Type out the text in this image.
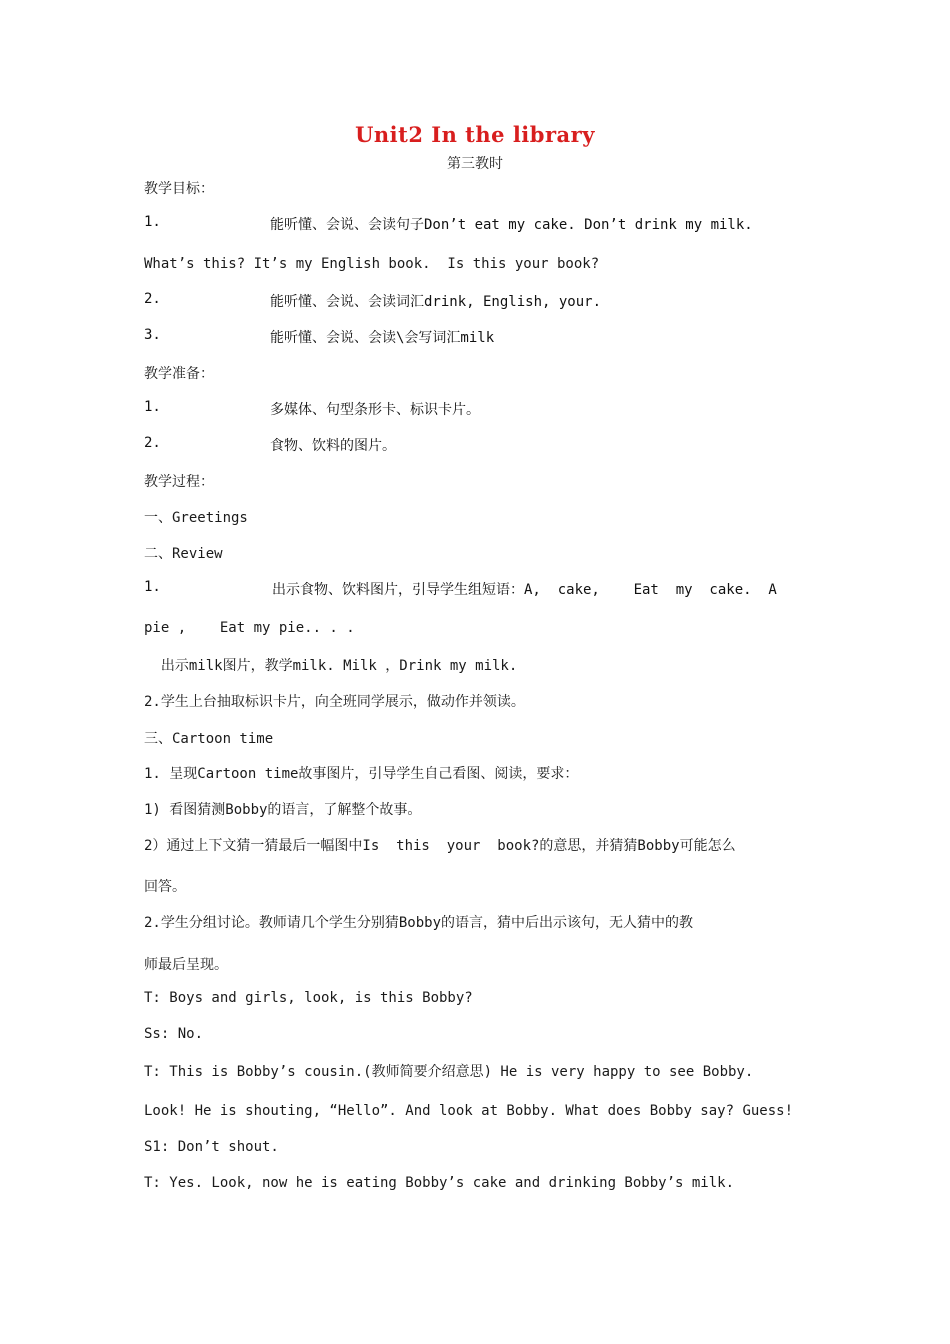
Unit2 In the library
第三教时
教学目标：
1.	能听懂、会说、会读句子Don’t eat my cake. Don’t drink my milk.
What’s this? It’s my English book.  Is this your book?
2.	能听懂、会说、会读词汇drink, English, your.
3.	能听懂、会说、会读\会写词汇milk
教学准备：
1.	多媒体、句型条形卡、标识卡片。
2.	食物、饮料的图片。
教学过程：
一、Greetings
二、Review
1.	出示食物、饮料图片，引导学生组短语：A,  cake,    Eat  my  cake.  A
pie ,    Eat my pie.. . .
出示milk图片，教学milk. Milk ，Drink my milk.
2.学生上台抽取标识卡片，向全班同学展示，做动作并领读。
三、Cartoon time
1. 呈现Cartoon time故事图片，引导学生自己看图、阅读，要求：
1) 看图猜测Bobby的语言，了解整个故事。
2）通过上下文猜一猜最后一幅图中Is  this  your  book?的意思，并猜猜Bobby可能怎么
回答。
2.学生分组讨论。教师请几个学生分别猜Bobby的语言，猜中后出示该句，无人猜中的教
师最后呈现。
T: Boys and girls, look, is this Bobby?
Ss: No.
T: This is Bobby’s cousin.(教师简要介绍意思) He is very happy to see Bobby.
Look! He is shouting, “Hello”. And look at Bobby. What does Bobby say? Guess!
S1: Don’t shout.
T: Yes. Look, now he is eating Bobby’s cake and drinking Bobby’s milk.
